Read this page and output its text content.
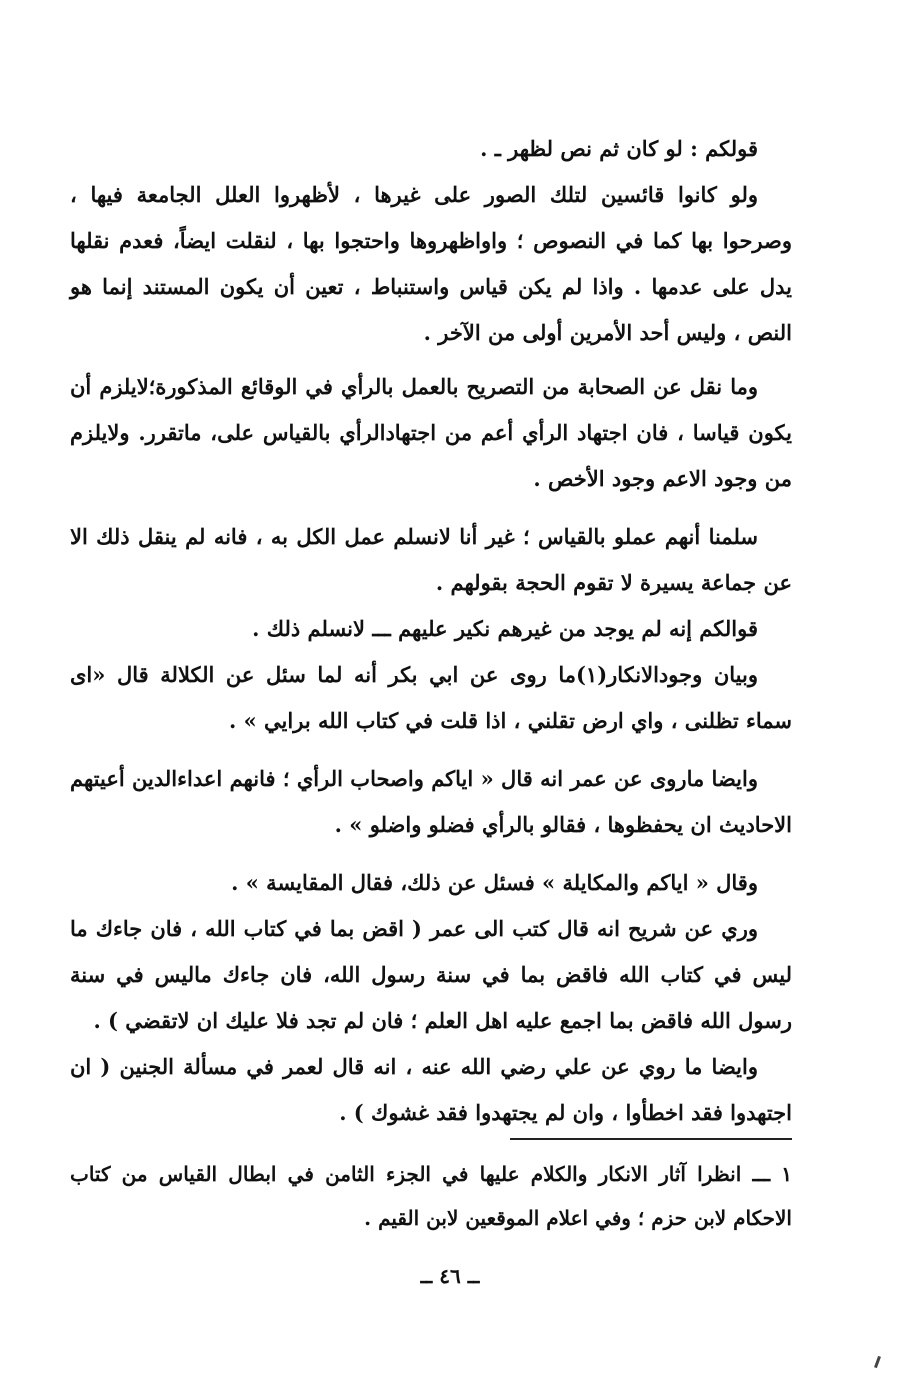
قولكم : لو كان ثم نص لظهر ـ .

ولو كانوا قائسين لتلك الصور على غيرها ، لأظهروا العلل الجامعة فيها ، وصرحوا بها كما في النصوص ؛ واواظهروها واحتجوا بها ، لنقلت ايضاً، فعدم نقلها يدل على عدمها . واذا لم يكن قياس واستنباط ، تعين أن يكون المستند إنما هو النص ، وليس أحد الأمرين أولى من الآخر .

وما نقل عن الصحابة من التصريح بالعمل بالرأي في الوقائع المذكورة؛لايلزم أن يكون قياسا ، فان اجتهاد الرأي أعم من اجتهادالرأي بالقياس على، ماتقرر. ولايلزم من وجود الاعم وجود الأخص .

سلمنا أنهم عملو بالقياس ؛ غير أنا لانسلم عمل الكل به ، فانه لم ينقل ذلك الا عن جماعة يسيرة لا تقوم الحجة بقولهم .

قوالكم إنه لم يوجد من غيرهم نكير عليهم ـــ لانسلم ذلك .

وبيان وجودالانكار(١)ما روى عن ابي بكر أنه لما سئل عن الكلالة قال «اى سماء تظلنى ، واي ارض تقلني ، اذا قلت في كتاب الله برايي » .

وايضا ماروى عن عمر انه قال « اياكم واصحاب الرأي ؛ فانهم اعداءالدين أعيتهم الاحاديث ان يحفظوها ، فقالو بالرأي فضلو واضلو » .

وقال « اياكم والمكايلة » فسئل عن ذلك، فقال المقايسة » .

وري عن شريح انه قال كتب الى عمر ( اقض بما في كتاب الله ، فان جاءك ما ليس في كتاب الله فاقض بما في سنة رسول الله، فان جاءك ماليس في سنة رسول الله فاقض بما اجمع عليه اهل العلم ؛ فان لم تجد فلا عليك ان لاتقضي ) .

وايضا ما روي عن علي رضي الله عنه ، انه قال لعمر في مسألة الجنين ( ان اجتهدوا فقد اخطأوا ، وان لم يجتهدوا فقد غشوك ) .

١ ـــ انظرا آثار الانكار والكلام عليها في الجزء الثامن في ابطال القياس من كتاب الاحكام لابن حزم ؛ وفي اعلام الموقعين لابن القيم .
ــ ٤٦ ــ
